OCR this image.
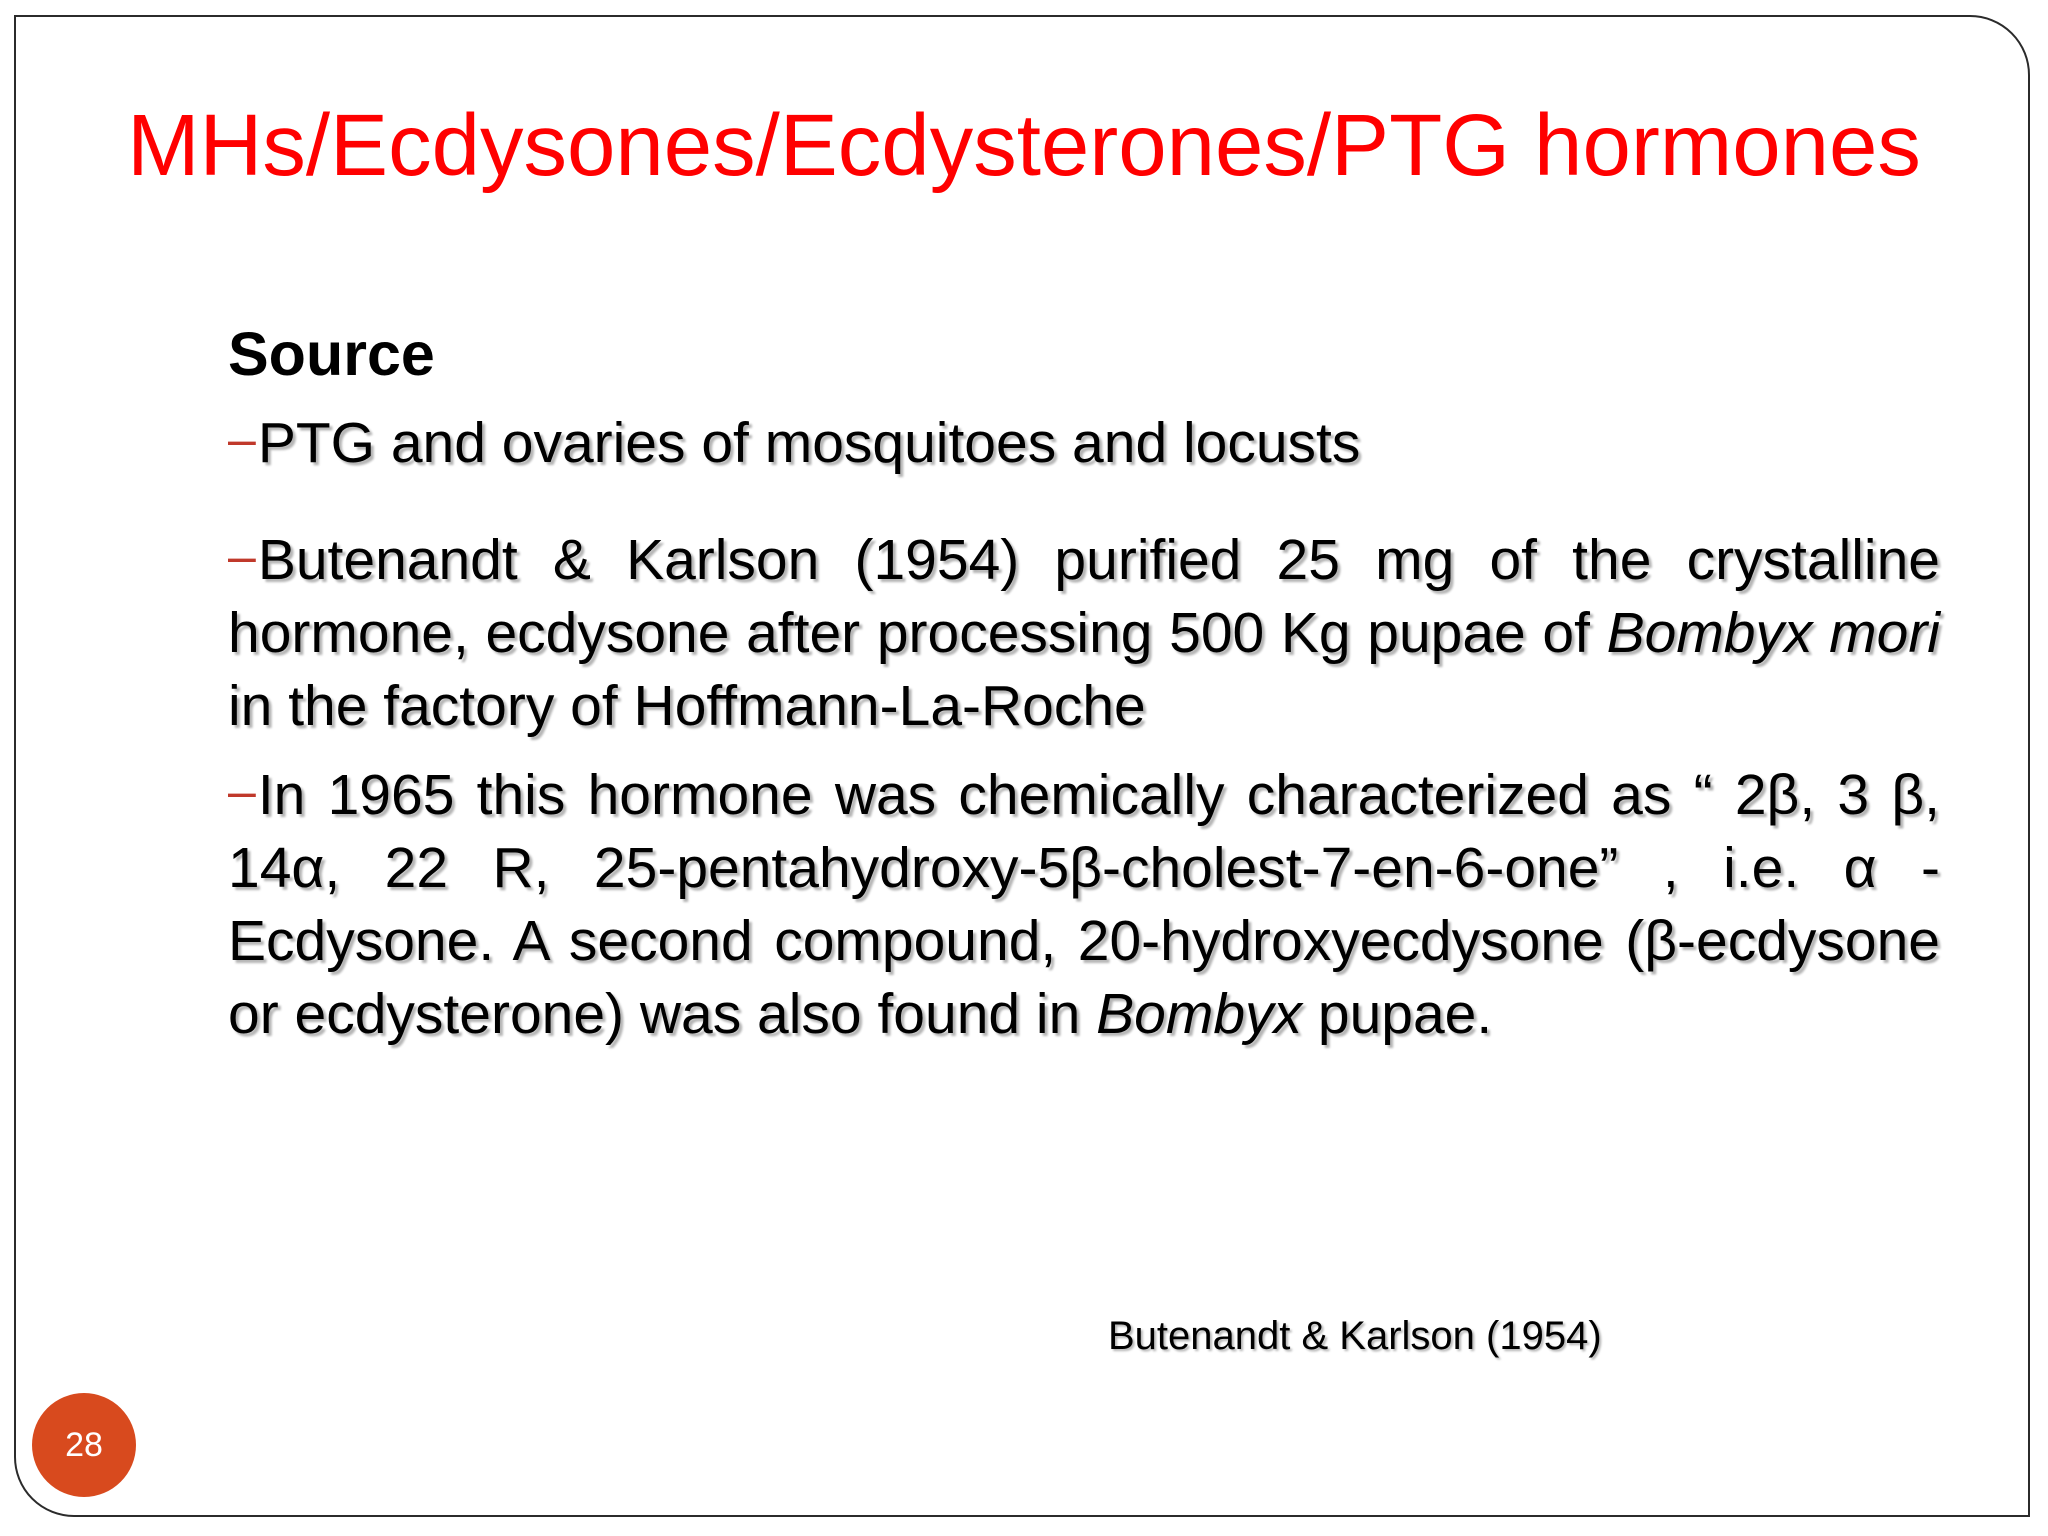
MHs/Ecdysones/Ecdysterones/PTG hormones
Source

–PTG and ovaries of mosquitoes and locusts

–Butenandt & Karlson (1954) purified 25 mg of the crystalline hormone, ecdysone after processing 500 Kg pupae of Bombyx mori in the factory of Hoffmann-La-Roche

–In 1965 this hormone was chemically characterized as “ 2β, 3 β, 14α, 22 R, 25-pentahydroxy-5β-cholest-7-en-6-one” , i.e. α - Ecdysone. A second compound, 20-hydroxyecdysone (β-ecdysone or ecdysterone) was also found in Bombyx pupae.

Butenandt & Karlson (1954)
28
